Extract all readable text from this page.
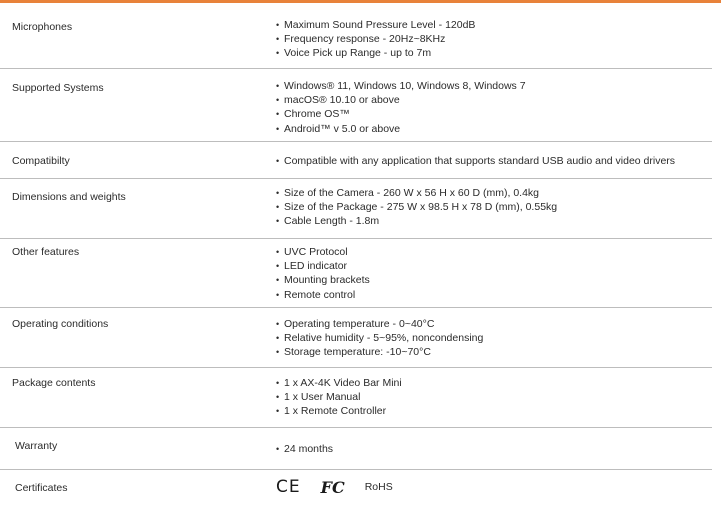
Microphones	• Maximum Sound Pressure Level - 120dB
• Frequency response - 20Hz~8KHz
• Voice Pick up Range - up to 7m
Supported Systems	• Windows® 11, Windows 10, Windows 8, Windows 7
• macOS® 10.10 or above
• Chrome OS™
• Android™ v 5.0 or above
Compatibilty	• Compatible with any application that supports standard USB audio and video drivers
Dimensions and weights	• Size of the Camera - 260 W x 56 H x 60 D (mm), 0.4kg
• Size of the Package - 275 W x 98.5 H x 78 D (mm), 0.55kg
• Cable Length - 1.8m
Other features	• UVC Protocol
• LED indicator
• Mounting brackets
• Remote control
Operating conditions	• Operating temperature - 0~40°C
• Relative humidity - 5~95%, noncondensing
• Storage temperature: -10~70°C
Package contents	• 1 x AX-4K Video Bar Mini
• 1 x User Manual
• 1 x Remote Controller
Warranty	• 24 months
Certificates	CE FC RoHS
